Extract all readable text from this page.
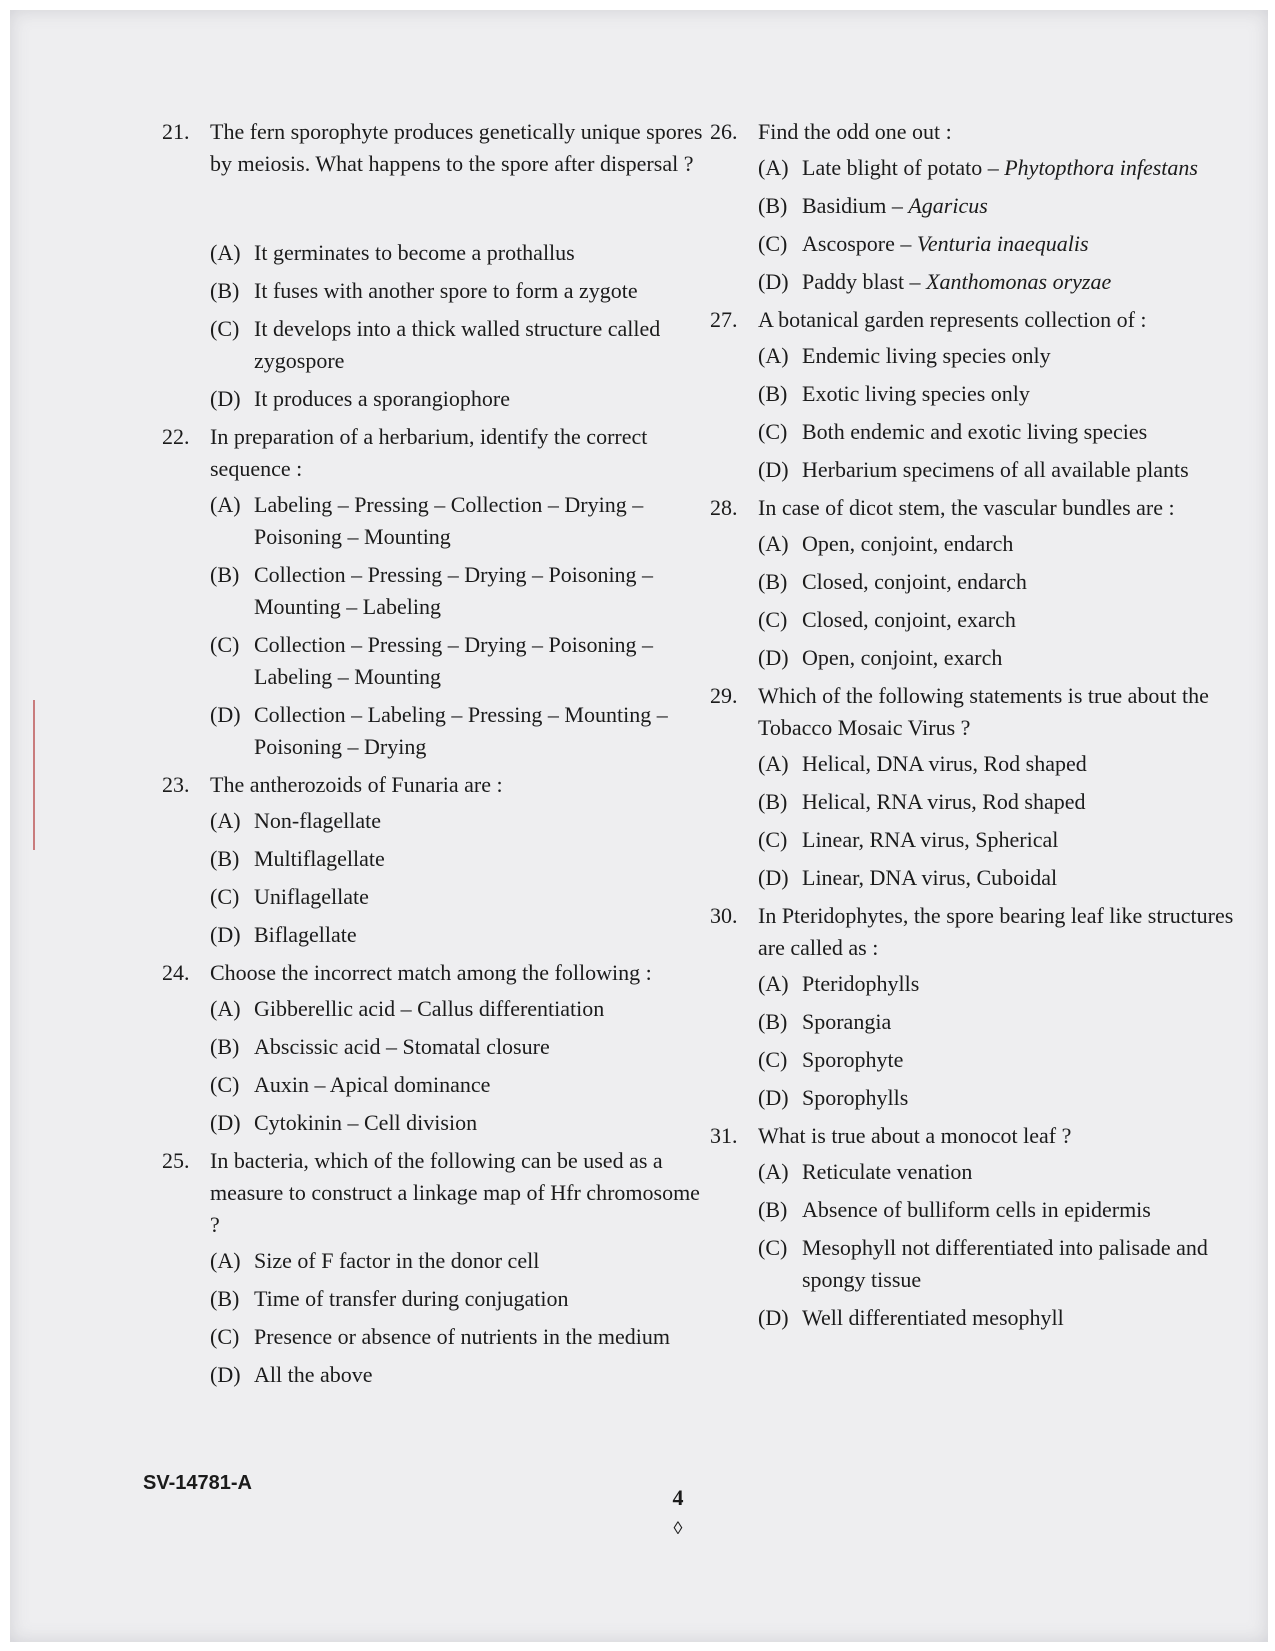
21. The fern sporophyte produces genetically unique spores by meiosis. What happens to the spore after dispersal ?
(A) It germinates to become a prothallus
(B) It fuses with another spore to form a zygote
(C) It develops into a thick walled structure called zygospore
(D) It produces a sporangiophore
22. In preparation of a herbarium, identify the correct sequence :
(A) Labeling – Pressing – Collection – Drying – Poisoning – Mounting
(B) Collection – Pressing – Drying – Poisoning – Mounting – Labeling
(C) Collection – Pressing – Drying – Poisoning – Labeling – Mounting
(D) Collection – Labeling – Pressing – Mounting – Poisoning – Drying
23. The antherozoids of Funaria are :
(A) Non-flagellate
(B) Multiflagellate
(C) Uniflagellate
(D) Biflagellate
24. Choose the incorrect match among the following :
(A) Gibberellic acid – Callus differentiation
(B) Abscissic acid – Stomatal closure
(C) Auxin – Apical dominance
(D) Cytokinin – Cell division
25. In bacteria, which of the following can be used as a measure to construct a linkage map of Hfr chromosome ?
(A) Size of F factor in the donor cell
(B) Time of transfer during conjugation
(C) Presence or absence of nutrients in the medium
(D) All the above
26. Find the odd one out :
(A) Late blight of potato – Phytopthora infestans
(B) Basidium – Agaricus
(C) Ascospore – Venturia inaequalis
(D) Paddy blast – Xanthomonas oryzae
27. A botanical garden represents collection of :
(A) Endemic living species only
(B) Exotic living species only
(C) Both endemic and exotic living species
(D) Herbarium specimens of all available plants
28. In case of dicot stem, the vascular bundles are :
(A) Open, conjoint, endarch
(B) Closed, conjoint, endarch
(C) Closed, conjoint, exarch
(D) Open, conjoint, exarch
29. Which of the following statements is true about the Tobacco Mosaic Virus ?
(A) Helical, DNA virus, Rod shaped
(B) Helical, RNA virus, Rod shaped
(C) Linear, RNA virus, Spherical
(D) Linear, DNA virus, Cuboidal
30. In Pteridophytes, the spore bearing leaf like structures are called as :
(A) Pteridophylls
(B) Sporangia
(C) Sporophyte
(D) Sporophylls
31. What is true about a monocot leaf ?
(A) Reticulate venation
(B) Absence of bulliform cells in epidermis
(C) Mesophyll not differentiated into palisade and spongy tissue
(D) Well differentiated mesophyll
SV-14781-A
4
◊
